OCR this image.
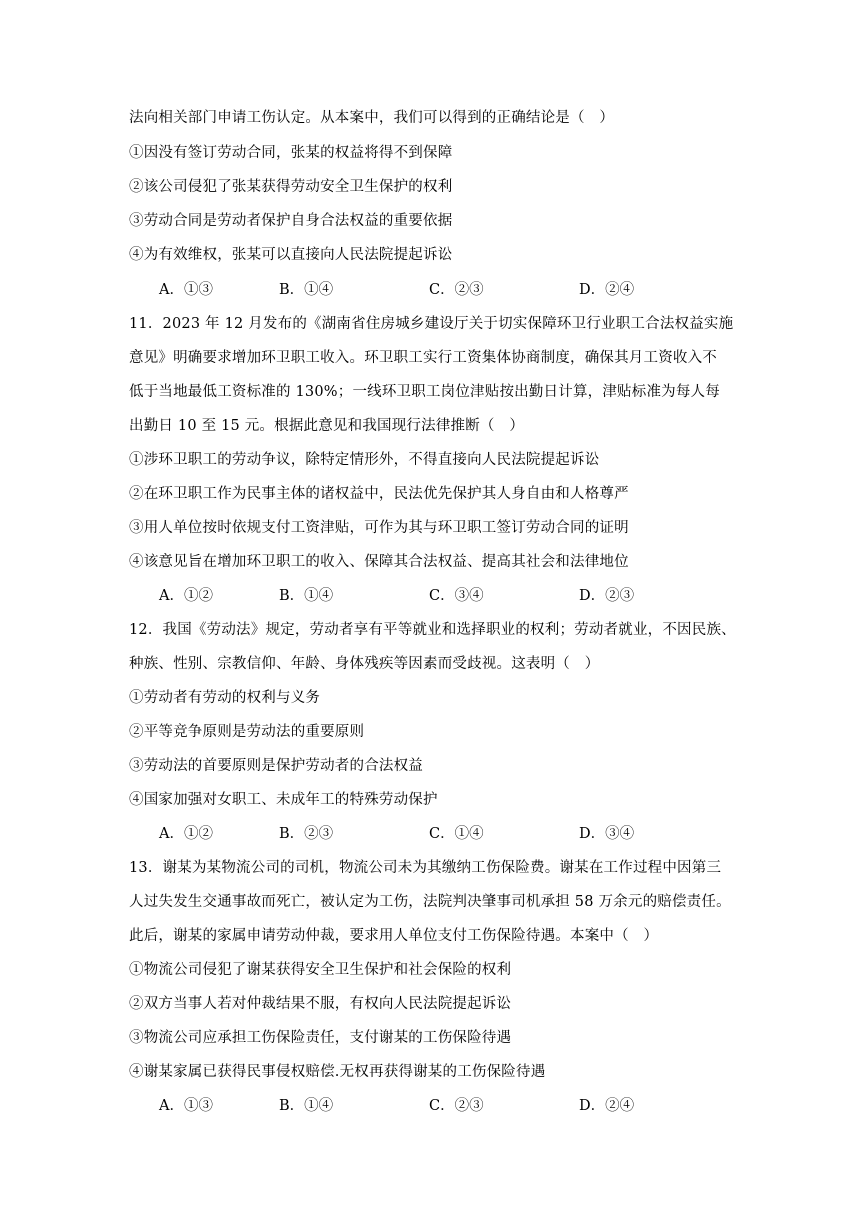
法向相关部门申请工伤认定。从本案中，我们可以得到的正确结论是（　）
①因没有签订劳动合同，张某的权益将得不到保障
②该公司侵犯了张某获得劳动安全卫生保护的权利
③劳动合同是劳动者保护自身合法权益的重要依据
④为有效维权，张某可以直接向人民法院提起诉讼
A．①③	B．①④	C．②③	D．②④
11．2023 年 12 月发布的《湖南省住房城乡建设厅关于切实保障环卫行业职工合法权益实施
意见》明确要求增加环卫职工收入。环卫职工实行工资集体协商制度，确保其月工资收入不
低于当地最低工资标准的 130%；一线环卫职工岗位津贴按出勤日计算，津贴标准为每人每
出勤日 10 至 15 元。根据此意见和我国现行法律推断（　）
①涉环卫职工的劳动争议，除特定情形外，不得直接向人民法院提起诉讼
②在环卫职工作为民事主体的诸权益中，民法优先保护其人身自由和人格尊严
③用人单位按时依规支付工资津贴，可作为其与环卫职工签订劳动合同的证明
④该意见旨在增加环卫职工的收入、保障其合法权益、提高其社会和法律地位
A．①②	B．①④	C．③④	D．②③
12．我国《劳动法》规定，劳动者享有平等就业和选择职业的权利；劳动者就业，不因民族、
种族、性别、宗教信仰、年龄、身体残疾等因素而受歧视。这表明（　）
①劳动者有劳动的权利与义务
②平等竞争原则是劳动法的重要原则
③劳动法的首要原则是保护劳动者的合法权益
④国家加强对女职工、未成年工的特殊劳动保护
A．①②	B．②③	C．①④	D．③④
13．谢某为某物流公司的司机，物流公司未为其缴纳工伤保险费。谢某在工作过程中因第三
人过失发生交通事故而死亡，被认定为工伤，法院判决肇事司机承担 58 万余元的赔偿责任。
此后，谢某的家属申请劳动仲裁，要求用人单位支付工伤保险待遇。本案中（　）
①物流公司侵犯了谢某获得安全卫生保护和社会保险的权利
②双方当事人若对仲裁结果不服，有权向人民法院提起诉讼
③物流公司应承担工伤保险责任，支付谢某的工伤保险待遇
④谢某家属已获得民事侵权赔偿.无权再获得谢某的工伤保险待遇
A．①③	B．①④	C．②③	D．②④
